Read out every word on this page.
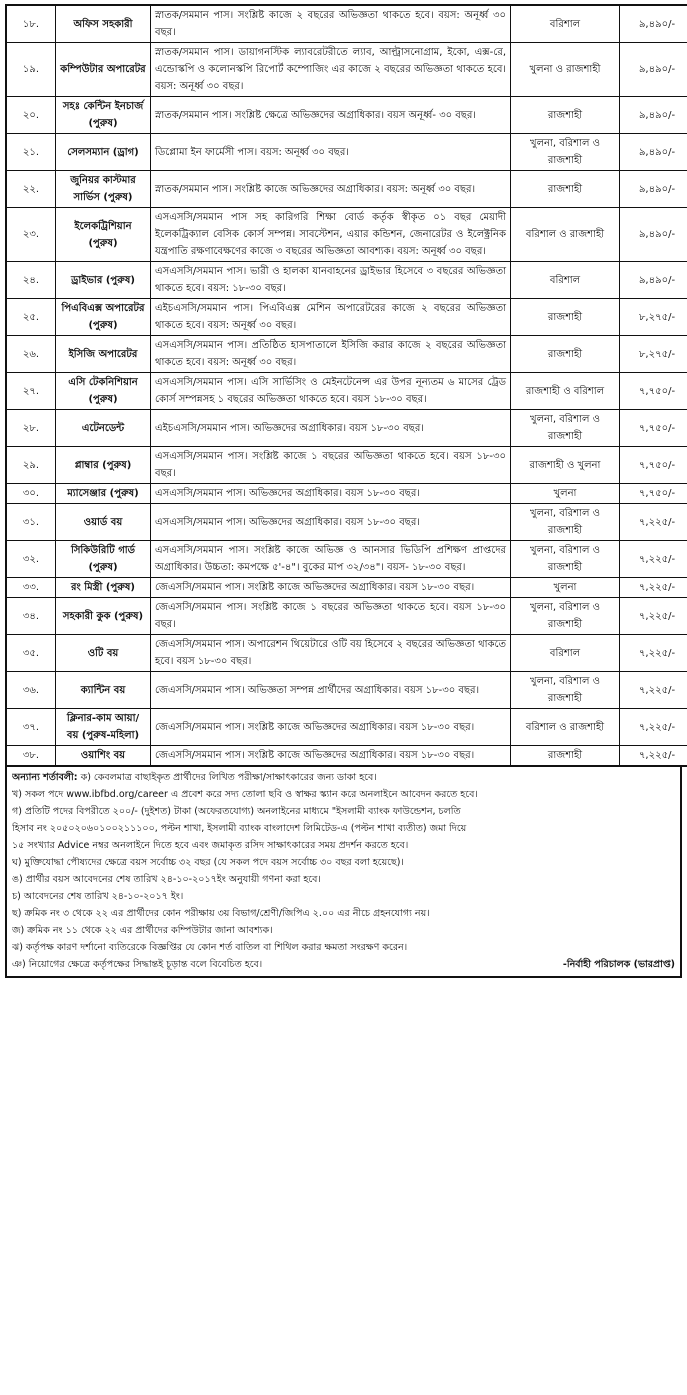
১৮.	অফিস সহকারী	স্নাতক/সমমান পাস। সংশ্লিষ্ট কাজে ২ বছরের অভিজ্ঞতা থাকতে হবে। বয়স: অনূর্ধ্ব ৩০ বছর।	বরিশাল	৯,৪৯০/-
১৯.	কম্পিউটার অপারেটর	স্নাতক/সমমান পাস। ডায়াগনস্টিক ল্যাবরেটরীতে ল্যাব, আল্ট্রাসনোগ্রাম, ইকো, এক্স-রে, এন্ডোস্কপি ও কলোনস্কপি রিপোর্ট কম্পোজিং এর কাজে ২ বছরের অভিজ্ঞতা থাকতে হবে। বয়স: অনূর্ধ্ব ৩০ বছর।	খুলনা ও রাজশাহী	৯,৪৯০/-
২০.	সহঃ কেন্টিন ইনচার্জ (পুরুষ)	স্নাতক/সমমান পাস। সংশ্লিষ্ট ক্ষেত্রে অভিজ্ঞদের অগ্রাধিকার। বয়স অনূর্ধ্ব- ৩০ বছর।	রাজশাহী	৯,৪৯০/-
২১.	সেলসম্যান (ড্রাগ)	ডিপ্লোমা ইন ফার্মেসী পাস। বয়স: অনূর্ধ্ব ৩০ বছর।	খুলনা, বরিশাল ও রাজশাহী	৯,৪৯০/-
২২.	জুনিয়র কাস্টমার সার্ভিস (পুরুষ)	স্নাতক/সমমান পাস। সংশ্লিষ্ট কাজে অভিজ্ঞদের অগ্রাধিকার। বয়স: অনূর্ধ্ব ৩০ বছর।	রাজশাহী	৯,৪৯০/-
২৩.	ইলেকট্রিশিয়ান (পুরুষ)	এসএসসি/সমমান পাস সহ কারিগরি শিক্ষা বোর্ড কর্তৃক স্বীকৃত ০১ বছর মেয়াদী ইলেকট্রিক্যাল বেসিক কোর্স সম্পন্ন। সাবস্টেশন, এয়ার কন্ডিশন, জেনারেটর ও ইলেক্ট্রনিক যন্ত্রপাতি রক্ষণাবেক্ষণের কাজে ৩ বছরের অভিজ্ঞতা আবশ্যক। বয়স: অনূর্ধ্ব ৩০ বছর।	বরিশাল ও রাজশাহী	৯,৪৯০/-
২৪.	ড্রাইভার (পুরুষ)	এসএসসি/সমমান পাস। ভারী ও হালকা যানবাহনের ড্রাইভার হিসেবে ৩ বছরের অভিজ্ঞতা থাকতে হবে। বয়স: ১৮-৩০ বছর।	বরিশাল	৯,৪৯০/-
২৫.	পিএবিএক্স অপারেটর (পুরুষ)	এইচএসসি/সমমান পাস। পিএবিএক্স মেশিন অপারেটরের কাজে ২ বছরের অভিজ্ঞতা থাকতে হবে। বয়স: অনূর্ধ্ব ৩০ বছর।	রাজশাহী	৮,২৭৫/-
২৬.	ইসিজি অপারেটর	এসএসসি/সমমান পাস। প্রতিষ্ঠিত হাসপাতালে ইসিজি করার কাজে ২ বছরের অভিজ্ঞতা থাকতে হবে। বয়স: অনূর্ধ্ব ৩০ বছর।	রাজশাহী	৮,২৭৫/-
২৭.	এসি টেকনিশিয়ান (পুরুষ)	এসএসসি/সমমান পাস। এসি সার্ভিসিং ও মেইনটেনেন্স এর উপর নূন্যতম ৬ মাসের ট্রেড কোর্স সম্পন্নসহ ১ বছরের অভিজ্ঞতা থাকতে হবে। বয়স ১৮-৩০ বছর।	রাজশাহী ও বরিশাল	৭,৭৫০/-
২৮.	এটেনডেন্ট	এইচএসসি/সমমান পাস। অভিজ্ঞদের অগ্রাধিকার। বয়স ১৮-৩০ বছর।	খুলনা, বরিশাল ও রাজশাহী	৭,৭৫০/-
২৯.	প্লাম্বার (পুরুষ)	এসএসসি/সমমান পাস। সংশ্লিষ্ট কাজে ১ বছরের অভিজ্ঞতা থাকতে হবে। বয়স ১৮-৩০ বছর।	রাজশাহী ও খুলনা	৭,৭৫০/-
৩০.	ম্যাসেঞ্জার (পুরুষ)	এসএসসি/সমমান পাস। অভিজ্ঞদের অগ্রাধিকার। বয়স ১৮-৩০ বছর।	খুলনা	৭,৭৫০/-
৩১.	ওয়ার্ড বয়	এসএসসি/সমমান পাস। অভিজ্ঞদের অগ্রাধিকার। বয়স ১৮-৩০ বছর।	খুলনা, বরিশাল ও রাজশাহী	৭,২২৫/-
৩২.	সিকিউরিটি গার্ড (পুরুষ)	এসএসসি/সমমান পাস। সংশ্লিষ্ট কাজে অভিজ্ঞ ও আনসার ভিডিপি প্রশিক্ষণ প্রাপ্তদের অগ্রাধিকার। উচ্চতা: কমপক্ষে ৫'-৪"। বুকের মাপ ৩২/৩৪"। বয়স- ১৮-৩০ বছর।	খুলনা, বরিশাল ও রাজশাহী	৭,২২৫/-
৩৩.	রং মিস্ত্রী (পুরুষ)	জেএসসি/সমমান পাস। সংশ্লিষ্ট কাজে অভিজ্ঞদের অগ্রাধিকার। বয়স ১৮-৩০ বছর।	খুলনা	৭,২২৫/-
৩৪.	সহকারী কুক (পুরুষ)	জেএসসি/সমমান পাস। সংশ্লিষ্ট কাজে ১ বছরের অভিজ্ঞতা থাকতে হবে। বয়স ১৮-৩০ বছর।	খুলনা, বরিশাল ও রাজশাহী	৭,২২৫/-
৩৫.	ওটি বয়	জেএসসি/সমমান পাস। অপারেশন থিয়েটারে ওটি বয় হিসেবে ২ বছরের অভিজ্ঞতা থাকতে হবে। বয়স ১৮-৩০ বছর।	বরিশাল	৭,২২৫/-
৩৬.	ক্যান্টিন বয়	জেএসসি/সমমান পাস। অভিজ্ঞতা সম্পন্ন প্রার্থীদের অগ্রাধিকার। বয়স ১৮-৩০ বছর।	খুলনা, বরিশাল ও রাজশাহী	৭,২২৫/-
৩৭.	ক্লিনার-কাম আয়া/ বয় (পুরুষ-মহিলা)	জেএসসি/সমমান পাস। সংশ্লিষ্ট কাজে অভিজ্ঞদের অগ্রাধিকার। বয়স ১৮-৩০ বছর।	বরিশাল ও রাজশাহী	৭,২২৫/-
৩৮.	ওয়াশিং বয়	জেএসসি/সমমান পাস। সংশ্লিষ্ট কাজে অভিজ্ঞদের অগ্রাধিকার। বয়স ১৮-৩০ বছর।	রাজশাহী	৭,২২৫/-
অন্যান্য শর্তাবলী: ক) কেবলমাত্র বাছাইকৃত প্রার্থীদের লিখিত পরীক্ষা/সাক্ষাৎকারের জন্য ডাকা হবে।
খ) সকল পদে www.ibfbd.org/career এ প্রবেশ করে সদ্য তোলা ছবি ও স্বাক্ষর স্ক্যান করে অনলাইনে আবেদন করতে হবে।
গ) প্রতিটি পদের বিপরীতে ২০০/- (দুইশত) টাকা (অফেরতযোগ্য) অনলাইনের মাধ্যমে "ইসলামী ব্যাংক ফাউন্ডেশন, চলতি
হিসাব নং ২০৫০২০৬০১০০২১১১০০, পল্টন শাখা, ইসলামী ব্যাংক বাংলাদেশ লিমিটেড-এ (পল্টন শাখা ব্যতীত) জমা দিয়ে
১৫ সংখ্যার Advice নম্বর অনলাইনে দিতে হবে এবং জমাকৃত রসিদ সাক্ষাৎকারের সময় প্রদর্শন করতে হবে।
ঘ) মুক্তিযোদ্ধা পৌষ্যদের ক্ষেত্রে বয়স সর্বোচ্চ ৩২ বছর (যে সকল পদে বয়স সর্বোচ্চ ৩০ বছর বলা হয়েছে)।
ঙ) প্রার্থীর বয়স আবেদনের শেষ তারিখ ২৪-১০-২০১৭ইং অনুযায়ী গণনা করা হবে।
চ) আবেদনের শেষ তারিখ ২৪-১০-২০১৭ ইং।
ছ) ক্রমিক নং ৩ থেকে ২২ এর প্রার্থীদের কোন পরীক্ষায় ৩য় বিভাগ/শ্রেণী/জিপিএ ২.০০ এর নীচে গ্রহনযোগ্য নয়।
জ) ক্রমিক নং ১১ থেকে ২২ এর প্রার্থীদের কম্পিউটার জানা আবশ্যক।
ঝ) কর্তৃপক্ষ কারণ দর্শানো ব্যতিরেকে বিজ্ঞপ্তির যে কোন শর্ত বাতিল বা শিথিল করার ক্ষমতা সংরক্ষণ করেন।
ঞ) নিয়োগের ক্ষেত্রে কর্তৃপক্ষের সিদ্ধান্তই চূড়ান্ত বলে বিবেচিত হবে।	-নির্বাহী পরিচালক (ভারপ্রাপ্ত)
